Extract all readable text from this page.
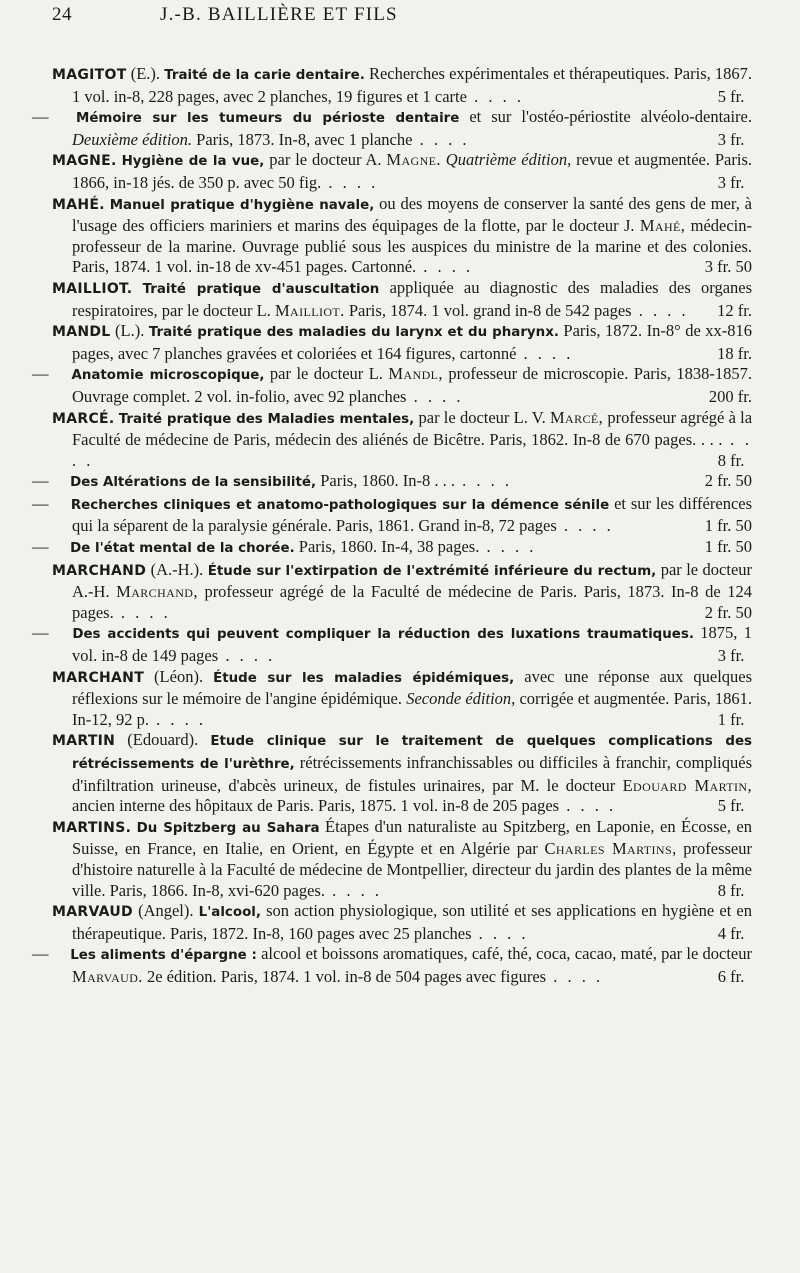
24	J.-B. BAILLIÈRE ET FILS

MAGITOT (E.). Traité de la carie dentaire. Recherches expérimentales et thérapeutiques. Paris, 1867. 1 vol. in-8, 228 pages, avec 2 planches, 19 figures et 1 carte . . . .	5 fr.

— Mémoire sur les tumeurs du périoste dentaire et sur l'ostéo-périostite alvéolo-dentaire. Deuxième édition. Paris, 1873. In-8, avec 1 planche . . . .	3 fr.

MAGNE. Hygiène de la vue, par le docteur A. Magne. Quatrième édition, revue et augmentée. Paris. 1866, in-18 jés. de 350 p. avec 50 fig. . . . .	3 fr.

MAHÉ. Manuel pratique d'hygiène navale, ou des moyens de conserver la santé des gens de mer, à l'usage des officiers mariniers et marins des équipages de la flotte, par le docteur J. Mahé, médecin-professeur de la marine. Ouvrage publié sous les auspices du ministre de la marine et des colonies. Paris, 1874. 1 vol. in-18 de xv-451 pages. Cartonné. . . . .	3 fr. 50

MAILLIOT. Traité pratique d'auscultation appliquée au diagnostic des maladies des organes respiratoires, par le docteur L. Mailliot. Paris, 1874. 1 vol. grand in-8 de 542 pages . . . . 12 fr.

MANDL (L.). Traité pratique des maladies du larynx et du pharynx. Paris, 1872. In-8° de xx-816 pages, avec 7 planches gravées et coloriées et 164 figures, cartonné . . . .	18 fr.

— Anatomie microscopique, par le docteur L. Mandl, professeur de microscopie. Paris, 1838-1857. Ouvrage complet. 2 vol. in-folio, avec 92 planches . . . .	200 fr.

MARCÉ. Traité pratique des Maladies mentales, par le docteur L. V. Marcé, professeur agrégé à la Faculté de médecine de Paris, médecin des aliénés de Bicêtre. Paris, 1862. In-8 de 670 pages. . . . . . . .	8 fr.

— Des Altérations de la sensibilité, Paris, 1860. In-8 . . . . . . .	2 fr. 50

— Recherches cliniques et anatomo-pathologiques sur la démence sénile et sur les différences qui la séparent de la paralysie générale. Paris, 1861. Grand in-8, 72 pages . . . .	1 fr. 50

— De l'état mental de la chorée. Paris, 1860. In-4, 38 pages. . . . .	1 fr. 50

MARCHAND (A.-H.). Étude sur l'extirpation de l'extrémité inférieure du rectum, par le docteur A.-H. Marchand, professeur agrégé de la Faculté de médecine de Paris. Paris, 1873. In-8 de 124 pages. . . . .	2 fr. 50

— Des accidents qui peuvent compliquer la réduction des luxations traumatiques. 1875, 1 vol. in-8 de 149 pages . . . .	3 fr.

MARCHANT (Léon). Étude sur les maladies épidémiques, avec une réponse aux quelques réflexions sur le mémoire de l'angine épidémique. Seconde édition, corrigée et augmentée. Paris, 1861. In-12, 92 p. . . . .	1 fr.

MARTIN (Edouard). Etude clinique sur le traitement de quelques complications des rétrécissements de l'urèthre, rétrécissements infranchissables ou difficiles à franchir, compliqués d'infiltration urineuse, d'abcès urineux, de fistules urinaires, par M. le docteur Edouard Martin, ancien interne des hôpitaux de Paris. Paris, 1875. 1 vol. in-8 de 205 pages . . . .	5 fr.

MARTINS. Du Spitzberg au Sahara Étapes d'un naturaliste au Spitzberg, en Laponie, en Écosse, en Suisse, en France, en Italie, en Orient, en Égypte et en Algérie par Charles Martins, professeur d'histoire naturelle à la Faculté de médecine de Montpellier, directeur du jardin des plantes de la même ville. Paris, 1866. In-8, xvi-620 pages. . . . .	8 fr.

MARVAUD (Angel). L'alcool, son action physiologique, son utilité et ses applications en hygiène et en thérapeutique. Paris, 1872. In-8, 160 pages avec 25 planches . . . .	4 fr.

— Les aliments d'épargne : alcool et boissons aromatiques, café, thé, coca, cacao, maté, par le docteur Marvaud. 2e édition. Paris, 1874. 1 vol. in-8 de 504 pages avec figures . . . .	6 fr.
